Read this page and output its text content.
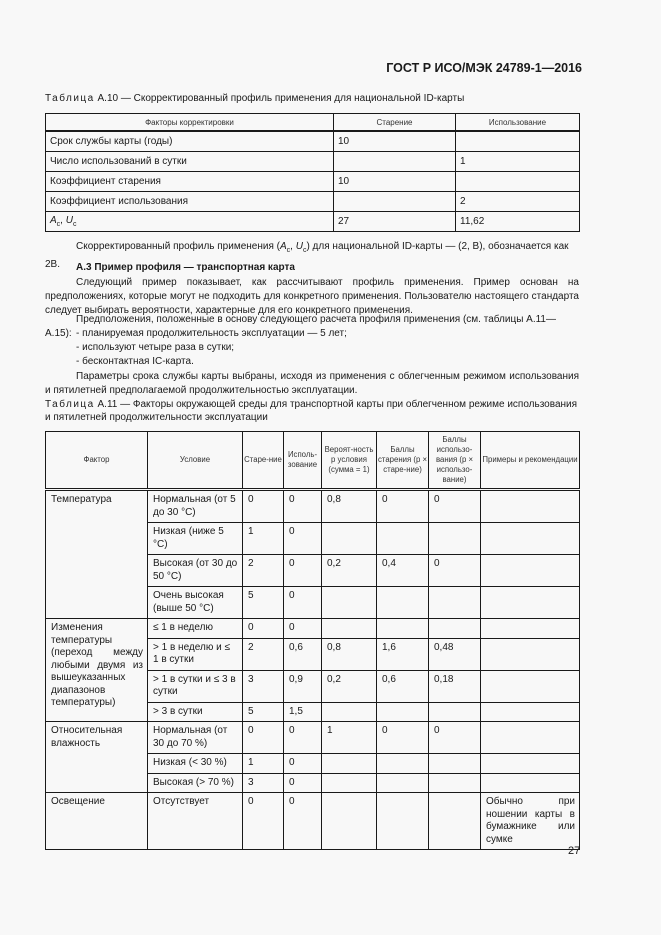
ГОСТ Р ИСО/МЭК 24789-1—2016
Таблица А.10 — Скорректированный профиль применения для национальной ID-карты
Факторы корректировки	Старение	Использование
Срок службы карты (годы)	10	
Число использований в сутки		1
Коэффициент старения	10	
Коэффициент использования		2
$A_c$, $U_c$	27	11,62
Скорректированный профиль применения ($A_c$, $U_c$) для национальной ID-карты — (2, B), обозначается как 2B.	А.3 Пример профиля — транспортная карта
Следующий пример показывает, как рассчитывают профиль применения. Пример основан на предположениях, которые могут не подходить для конкретного применения. Пользователю настоящего стандарта следует выбирать вероятности, характерные для его конкретного применения.
Предположения, положенные в основу следующего расчета профиля применения (см. таблицы А.11—А.15): - планируемая продолжительность эксплуатации — 5 лет;
- используют четыре раза в сутки;
- бесконтактная IC-карта.
Параметры срока службы карты выбраны, исходя из применения с облегченным режимом использования и пятилетней предполагаемой продолжительностью эксплуатации.
Таблица А.11 — Факторы окружающей среды для транспортной карты при облегченном режиме использования и пятилетней продолжительности эксплуатации
Фактор	Условие	Старе-ние	Исполь-зование	Вероят-ность p условия (сумма = 1)	Баллы старения (p × старе-ние)	Баллы использо-вания (p × использо-вание)	Примеры и рекомендации
Температура	Нормальная (от 5 до 30 °C)	0	0	0,8	0	0	
	Низкая (ниже 5 °C)	1	0				
	Высокая (от 30 до 50 °C)	2	0	0,2	0,4	0	
	Очень высокая (выше 50 °C)	5	0				
Изменения температуры (переход между любыми двумя из вышеуказанных диапазонов температуры)	≤ 1 в неделю	0	0				
	> 1 в неделю и ≤ 1 в сутки	2	0,6	0,8	1,6	0,48	
	> 1 в сутки и ≤ 3 в сутки	3	0,9	0,2	0,6	0,18	
	> 3 в сутки	5	1,5				
Относительная влажность	Нормальная (от 30 до 70 %)	0	0	1	0	0	
	Низкая (< 30 %)	1	0				
	Высокая (> 70 %)	3	0				
Освещение	Отсутствует	0	0				Обычно при ношении карты в бумажнике или сумке
27
